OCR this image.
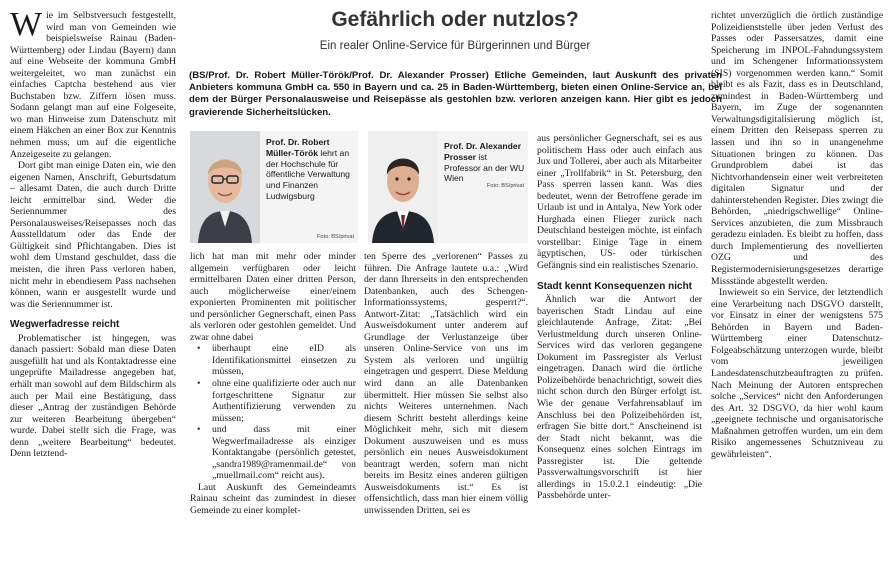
Wie im Selbstversuch festgestellt, wird man von Gemeinden wie beispielsweise Rainau (Baden-Württemberg) oder Lindau (Bayern) dann auf eine Webseite der kommuna GmbH weitergeleitet, wo man zunächst ein einfaches Captcha bestehend aus vier Buchstaben bzw. Ziffern lösen muss. Sodann gelangt man auf eine Folgeseite, wo man Hinweise zum Datenschutz mit einem Häkchen an einer Box zur Kenntnis nehmen muss, um auf die eigentliche Anzeigeseite zu gelangen.

Dort gibt man einige Daten ein, wie den eigenen Namen, Anschrift, Geburtsdatum – allesamt Daten, die auch durch Dritte leicht ermittelbar sind. Weder die Seriennummer des Personalausweises/Reisepasses noch das Ausstelldatum oder das Ende der Gültigkeit sind Pflichtangaben. Dies ist wohl dem Umstand geschuldet, dass die meisten, die ihren Pass verloren haben, nicht mehr in ebendiesem Pass nachsehen können, wann er ausgestellt wurde und was die Seriennummer ist.

Wegwerfadresse reicht

Problematischer ist hingegen, was danach passiert: Sobald man diese Daten ausgefüllt hat und als Kontaktadresse eine ungeprüfte Mailadresse angegeben hat, erhält man sowohl auf dem Bildschirm als auch per Mail eine Bestätigung, dass dieser „Antrag der zuständigen Behörde zur weiteren Bearbeitung übergeben“ wurde. Dabei stellt sich die Frage, was denn „weitere Bearbeitung“ bedeutet. Denn letztend-

Gefährlich oder nutzlos?
Ein realer Online-Service für Bürgerinnen und Bürger
(BS/Prof. Dr. Robert Müller-Török/Prof. Dr. Alexander Prosser) Etliche Gemeinden, laut Auskunft des privaten Anbieters kommuna GmbH ca. 550 in Bayern und ca. 25 in Baden-Württemberg, bieten einen Online-Service an, bei dem der Bürger Personalausweise und Reisepässe als gestohlen bzw. verloren anzeigen kann. Hier gibt es jedoch gravierende Sicherheitslücken.
Prof. Dr. Robert Müller-Török lehrt an der Hochschule für öffentliche Verwaltung und Finanzen Ludwigsburg
Foto: BS/privat
Prof. Dr. Alexander Prosser ist Professor an der WU Wien
Foto: BS/privat

lich hat man mit mehr oder minder allgemein verfügbaren oder leicht ermittelbaren Daten einer dritten Person, auch möglicherweise einer/einem exponierten Prominenten mit politischer und persönlicher Gegnerschaft, einen Pass als verloren oder gestohlen gemeldet. Und zwar ohne dabei

• überhaupt eine eID als Identifikationsmittel einsetzen zu müssen,
• ohne eine qualifizierte oder auch nur fortgeschrittene Signatur zur Authentifizierung verwenden zu müssen;
• und dass mit einer Wegwerfmailadresse als einziger Kontaktangabe (persönlich getestet, „sandra1989@ramenmail.de“ von „muellmail.com“ reicht aus).

Laut Auskunft des Gemeindeamts Rainau scheint das zumindest in dieser Gemeinde zu einer komplet-

ten Sperre des „verlorenen“ Passes zu führen. Die Anfrage lautete u.a.: „Wird der dann Ihrerseits in den entsprechenden Datenbanken, auch des Schengen-Informationssystems, gesperrt?“. Antwort-Zitat: „Tatsächlich wird ein Ausweisdokument unter anderem auf Grundlage der Verlustanzeige über unseren Online-Service von uns im System als verloren und ungültig eingetragen und gesperrt. Diese Meldung wird dann an alle Datenbanken übermittelt. Hier müssen Sie selbst also nichts Weiteres unternehmen. Nach diesem Schritt besteht allerdings keine Möglichkeit mehr, sich mit diesem Dokument auszuweisen und es muss persönlich ein neues Ausweisdokument beantragt werden, sofern man nicht bereits im Besitz eines anderen gültigen Ausweisdokuments ist.“ Es ist offensichtlich, dass man hier einem völlig unwissenden Dritten, sei es

aus persönlicher Gegnerschaft, sei es aus politischem Hass oder auch einfach aus Jux und Tollerei, aber auch als Mitarbeiter einer „Trollfabrik“ in St. Petersburg, den Pass sperren lassen kann. Was dies bedeutet, wenn der Betroffene gerade im Urlaub ist und in Antalya, New York oder Hurghada einen Flieger zurück nach Deutschland besteigen möchte, ist einfach vorstellbar: Einige Tage in einem ägyptischen, US- oder türkischen Gefängnis sind ein realistisches Szenario.

Stadt kennt Konsequenzen nicht

Ähnlich war die Antwort der bayerischen Stadt Lindau auf eine gleichlautende Anfrage, Zitat: „Bei Verlustmeldung durch unseren Online-Services wird das verloren gegangene Dokument im Passregister als Verlust eingetragen. Danach wird die örtliche Polizeibehörde benachrichtigt, soweit dies nicht schon durch den Bürger erfolgt ist. Wie der genaue Verfahrensablauf im Anschluss bei den Polizeibehörden ist, erfragen Sie bitte dort.“ Anscheinend ist der Stadt nicht bekannt, was die Konsequenz eines solchen Eintrags im Passregister ist. Die geltende Passverwaltungsvorschrift ist hier allerdings in 15.0.2.1 eindeutig: „Die Passbehörde unter-

richtet unverzüglich die örtlich zuständige Polizeidienststelle über jeden Verlust des Passes oder Passersatzes, damit eine Speicherung im INPOL-Fahndungssystem und im Schengener Informationssystem (SIS) vorgenommen werden kann.“ Somit bleibt es als Fazit, dass es in Deutschland, zumindest in Baden-Württemberg und Bayern, im Zuge der sogenannten Verwaltungsdigitalisierung möglich ist, einem Dritten den Reisepass sperren zu lassen und ihn so in unangenehme Situationen bringen zu können. Das Grundproblem dabei ist das Nichtvorhandensein einer weit verbreiteten digitalen Signatur und der dahinterstehenden Register. Dies zwingt die Behörden, „niedrigschwellige“ Online-Services anzubieten, die zum Missbrauch geradezu einladen. Es bleibt zu hoffen, dass durch Implementierung des novellierten OZG und des Registermodernisierungsgesetzes derartige Missstände abgestellt werden.

Inwieweit so ein Service, der letztendlich eine Verarbeitung nach DSGVO darstellt, vor Einsatz in einer der wenigstens 575 Behörden in Bayern und Baden-Württemberg einer Datenschutz-Folgeabschätzung unterzogen wurde, bleibt vom jeweiligen Landesdatenschutzbeauftragten zu prüfen. Nach Meinung der Autoren entsprechen solche „Services“ nicht den Anforderungen des Art. 32 DSGVO, da hier wohl kaum „geeignete technische und organisatorische Maßnahmen getroffen wurden, um ein dem Risiko angemessenes Schutzniveau zu gewährleisten“.
